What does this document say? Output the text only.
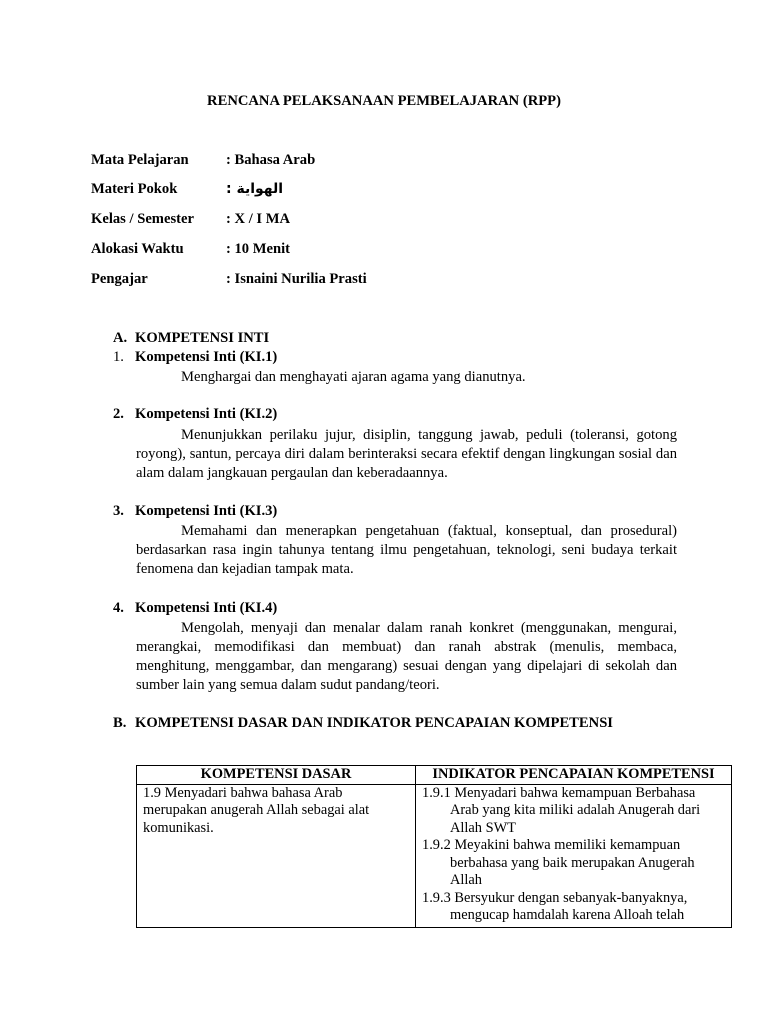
RENCANA PELAKSANAAN PEMBELAJARAN (RPP)
Mata Pelajaran	: Bahasa Arab
Materi Pokok	: الهواية
Kelas / Semester : X / I MA
Alokasi Waktu	: 10 Menit
Pengajar	: Isnaini Nurilia Prasti
A. KOMPETENSI INTI
1. Kompetensi Inti (KI.1)

Menghargai dan menghayati ajaran agama yang dianutnya.

2. Kompetensi Inti (KI.2)

Menunjukkan perilaku jujur, disiplin, tanggung jawab, peduli (toleransi, gotong royong), santun, percaya diri dalam berinteraksi secara efektif dengan lingkungan sosial dan alam dalam jangkauan pergaulan dan keberadaannya.

3. Kompetensi Inti (KI.3)

Memahami dan menerapkan pengetahuan (faktual, konseptual, dan prosedural) berdasarkan rasa ingin tahunya tentang ilmu pengetahuan, teknologi, seni budaya terkait fenomena dan kejadian tampak mata.

4. Kompetensi Inti (KI.4)

Mengolah, menyaji dan menalar dalam ranah konkret (menggunakan, mengurai, merangkai, memodifikasi dan membuat) dan ranah abstrak (menulis, membaca, menghitung, menggambar, dan mengarang) sesuai dengan yang dipelajari di sekolah dan sumber lain yang semua dalam sudut pandang/teori.

B. KOMPETENSI DASAR DAN INDIKATOR PENCAPAIAN KOMPETENSI
KOMPETENSI DASAR	INDIKATOR PENCAPAIAN KOMPETENSI

1.9 Menyadari bahwa bahasa Arab merupakan anugerah Allah sebagai alat komunikasi.	1.9.1 Menyadari bahwa kemampuan Berbahasa Arab yang kita miliki adalah Anugerah dari Allah SWT
1.9.2 Meyakini bahwa memiliki kemampuan berbahasa yang baik merupakan Anugerah Allah
1.9.3 Bersyukur dengan sebanyak-banyaknya, mengucap hamdalah karena Alloah telah
